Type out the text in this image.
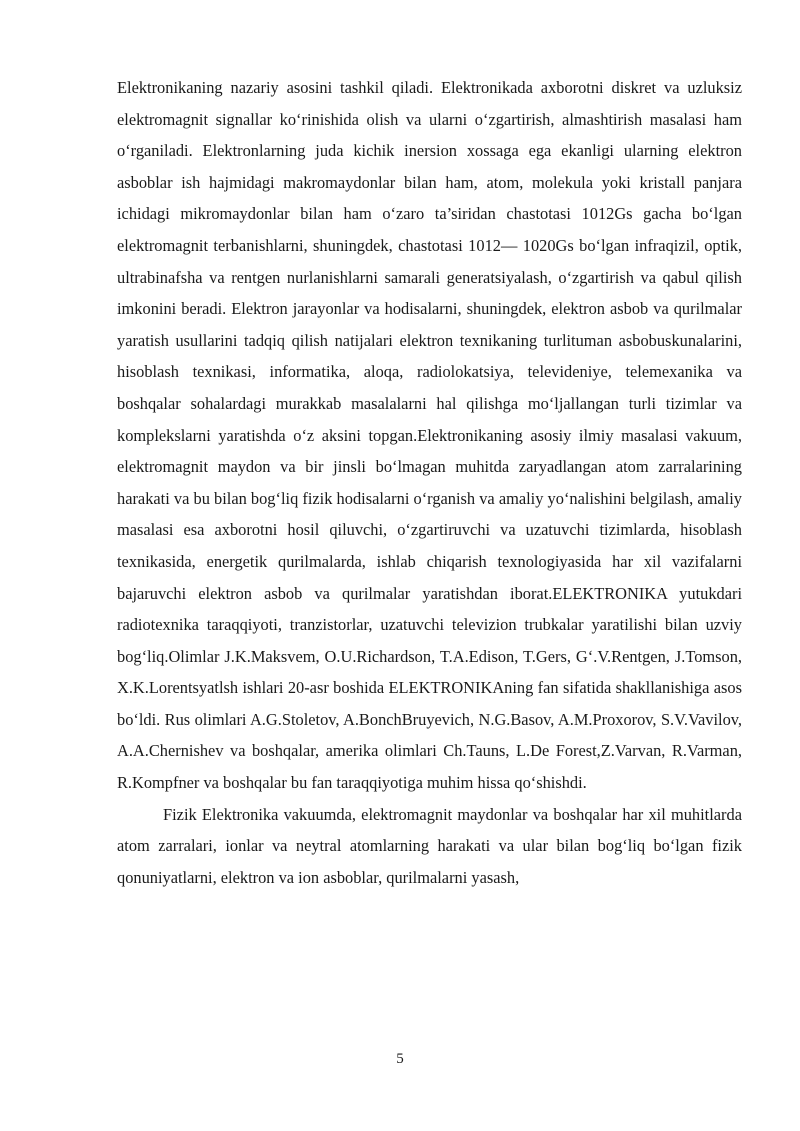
Elektronikaning nazariy asosini tashkil qiladi. Elektronikada axborotni diskret va uzluksiz elektromagnit signallar ko‘rinishida olish va ularni o‘zgartirish, almashtirish masalasi ham o‘rganiladi. Elektronlarning juda kichik inersion xossaga ega ekanligi ularning elektron asboblar ish hajmidagi makromaydonlar bilan ham, atom, molekula yoki kristall panjara ichidagi mikromaydonlar bilan ham o‘zaro ta’siridan chastotasi 1012Gs gacha bo‘lgan elektromagnit terbanishlarni, shuningdek, chastotasi 1012— 1020Gs bo‘lgan infraqizil, optik, ultrabinafsha va rentgen nurlanishlarni samarali generatsiyalash, o‘zgartirish va qabul qilish imkonini beradi. Elektron jarayonlar va hodisalarni, shuningdek, elektron asbob va qurilmalar yaratish usullarini tadqiq qilish natijalari elektron texnikaning turlituman asbobuskunalarini, hisoblash texnikasi, informatika, aloqa, radiolokatsiya, televideniye, telemexanika va boshqalar sohalardagi murakkab masalalarni hal qilishga mo‘ljallangan turli tizimlar va komplekslarni yaratishda o‘z aksini topgan.Elektronikaning asosiy ilmiy masalasi vakuum, elektromagnit maydon va bir jinsli bo‘lmagan muhitda zaryadlangan atom zarralarining harakati va bu bilan bog‘liq fizik hodisalarni o‘rganish va amaliy yo‘nalishini belgilash, amaliy masalasi esa axborotni hosil qiluvchi, o‘zgartiruvchi va uzatuvchi tizimlarda, hisoblash texnikasida, energetik qurilmalarda, ishlab chiqarish texnologiyasida har xil vazifalarni bajaruvchi elektron asbob va qurilmalar yaratishdan iborat.ELEKTRONIKA yutukdari radiotexnika taraqqiyoti, tranzistorlar, uzatuvchi televizion trubkalar yaratilishi bilan uzviy bog‘liq.Olimlar J.K.Maksvem, O.U.Richardson, T.A.Edison, T.Gers, G‘.V.Rentgen, J.Tomson, X.K.Lorentsyatlsh ishlari 20-asr boshida ELEKTRONIKAning fan sifatida shakllanishiga asos bo‘ldi. Rus olimlari A.G.Stoletov, A.BonchBruyevich, N.G.Basov, A.M.Proxorov, S.V.Vavilov, A.A.Chernishev va boshqalar, amerika olimlari Ch.Tauns, L.De Forest,Z.Varvan, R.Varman, R.Kompfner va boshqalar bu fan taraqqiyotiga muhim hissa qo‘shishdi.

Fizik Elektronika vakuumda, elektromagnit maydonlar va boshqalar har xil muhitlarda atom zarralari, ionlar va neytral atomlarning harakati va ular bilan bog‘liq bo‘lgan fizik qonuniyatlarni, elektron va ion asboblar, qurilmalarni yasash,

5
